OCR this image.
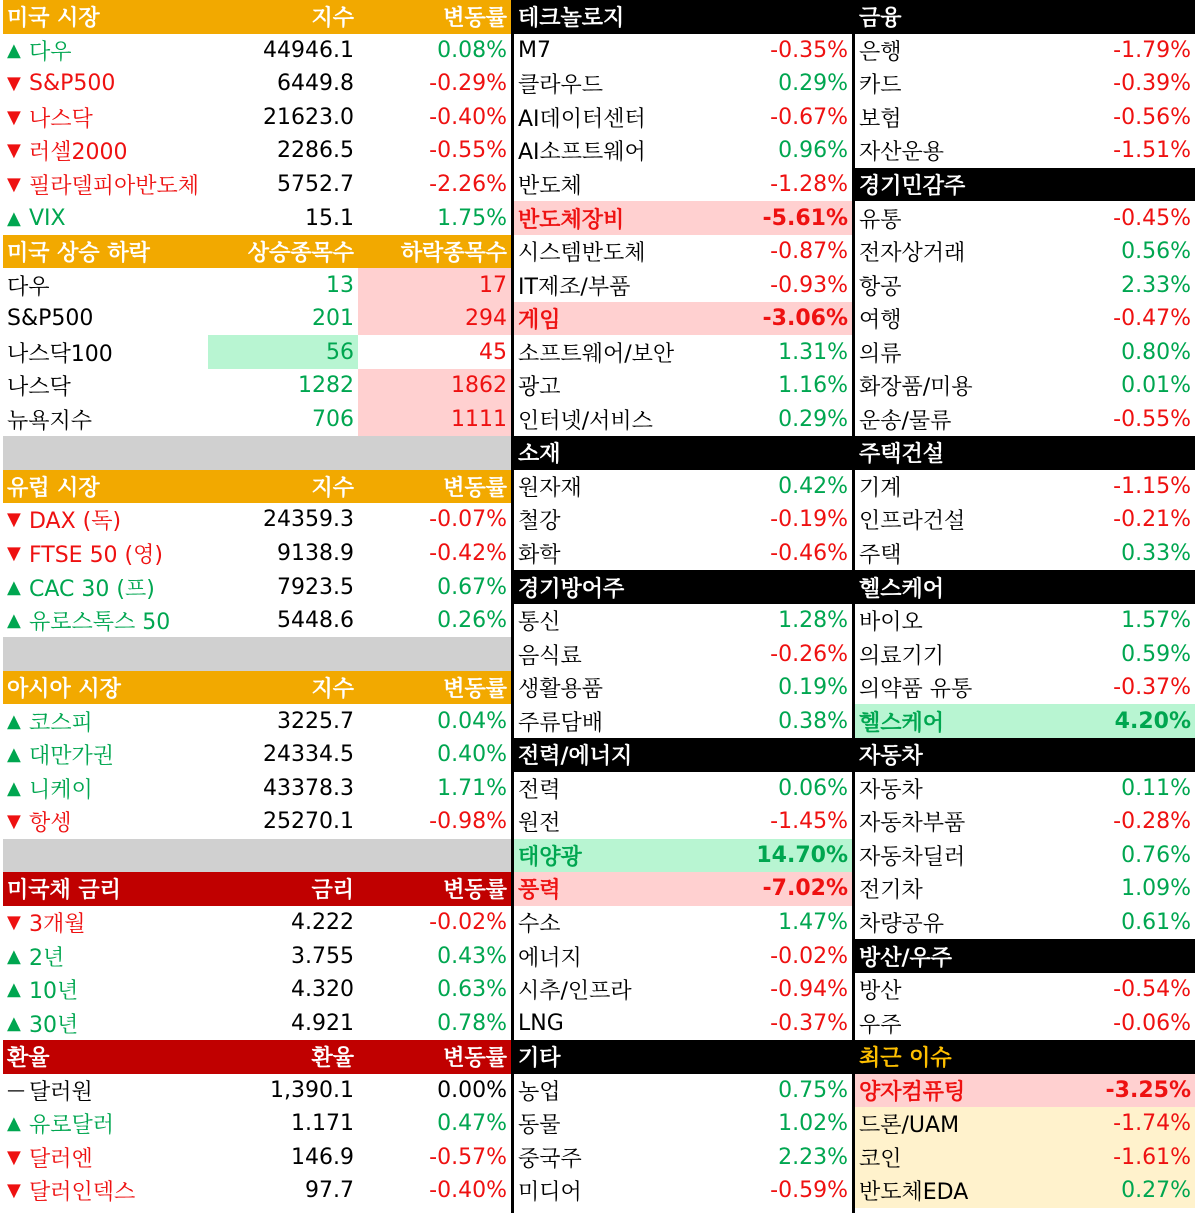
미국 시장	지수	변동률
▲ 다우	44946.1	0.08%
▼ S&P500	6449.8	-0.29%
▼ 나스닥	21623.0	-0.40%
▼ 러셀2000	2286.5	-0.55%
▼ 필라델피아반도체	5752.7	-2.26%
▲ VIX	15.1	1.75%
미국 상승 하락	상승종목수	하락종목수
다우	13	17
S&P500	201	294
나스닥100	56	45
나스닥	1282	1862
뉴욕지수	706	1111
유럽 시장	지수	변동률
▼ DAX (독)	24359.3	-0.07%
▼ FTSE 50 (영)	9138.9	-0.42%
▲ CAC 30 (프)	7923.5	0.67%
▲ 유로스톡스 50	5448.6	0.26%
아시아 시장	지수	변동률
▲ 코스피	3225.7	0.04%
▲ 대만가권	24334.5	0.40%
▲ 니케이	43378.3	1.71%
▼ 항셍	25270.1	-0.98%
미국채 금리	금리	변동률
▼ 3개월	4.222	-0.02%
▲ 2년	3.755	0.43%
▲ 10년	4.320	0.63%
▲ 30년	4.921	0.78%
환율	환율	변동률
— 달러원	1,390.1	0.00%
▲ 유로달러	1.171	0.47%
▼ 달러엔	146.9	-0.57%
▼ 달러인덱스	97.7	-0.40%
테크놀로지
M7	-0.35%
클라우드	0.29%
AI데이터센터	-0.67%
AI소프트웨어	0.96%
반도체	-1.28%
반도체장비	-5.61%
시스템반도체	-0.87%
IT제조/부품	-0.93%
게임	-3.06%
소프트웨어/보안	1.31%
광고	1.16%
인터넷/서비스	0.29%
소재
원자재	0.42%
철강	-0.19%
화학	-0.46%
경기방어주
통신	1.28%
음식료	-0.26%
생활용품	0.19%
주류담배	0.38%
전력/에너지
전력	0.06%
원전	-1.45%
태양광	14.70%
풍력	-7.02%
수소	1.47%
에너지	-0.02%
시추/인프라	-0.94%
LNG	-0.37%
기타
농업	0.75%
동물	1.02%
중국주	2.23%
미디어	-0.59%
금융
은행	-1.79%
카드	-0.39%
보험	-0.56%
자산운용	-1.51%
경기민감주
유통	-0.45%
전자상거래	0.56%
항공	2.33%
여행	-0.47%
의류	0.80%
화장품/미용	0.01%
운송/물류	-0.55%
주택건설
기계	-1.15%
인프라건설	-0.21%
주택	0.33%
헬스케어
바이오	1.57%
의료기기	0.59%
의약품 유통	-0.37%
헬스케어	4.20%
자동차
자동차	0.11%
자동차부품	-0.28%
자동차딜러	0.76%
전기차	1.09%
차량공유	0.61%
방산/우주
방산	-0.54%
우주	-0.06%
최근 이슈
양자컴퓨팅	-3.25%
드론/UAM	-1.74%
코인	-1.61%
반도체EDA	0.27%
